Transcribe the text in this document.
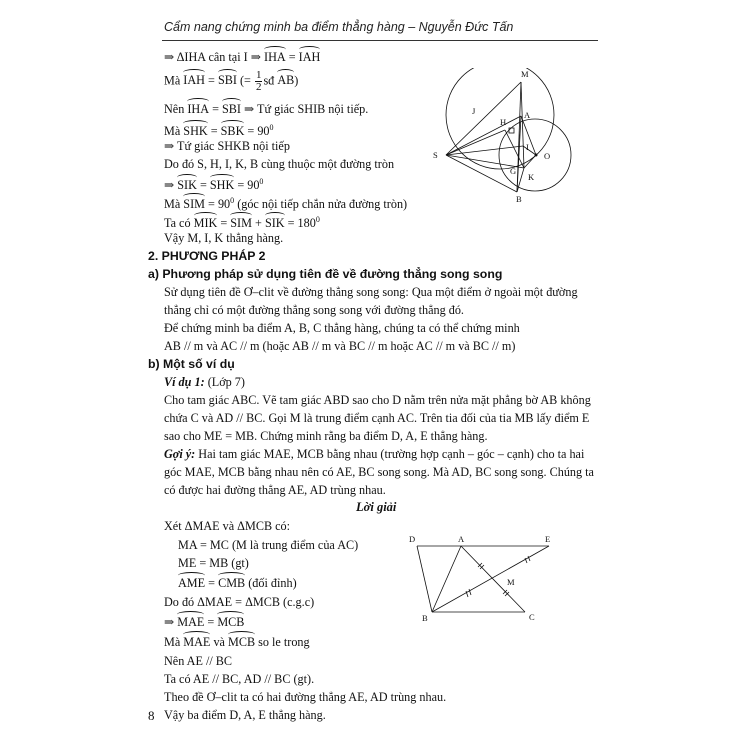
Cẩm nang chứng minh ba điểm thẳng hàng – Nguyễn Đức Tấn
⇒ ΔIHA cân tại I ⇒ IHA = IAH
Mà IAH = SBI (= $\frac{1}{2}$ sđ AB)
Nên IHA = SBI ⇒ Tứ giác SHIB nội tiếp.
Mà SHK = SBK = $90^0$
⇒ Tứ giác SHKB nội tiếp
Do đó S, H, I, K, B cùng thuộc một đường tròn
⇒ SIK = SHK = $90^0$
Mà SIM = $90^0$ (góc nội tiếp chắn nửa đường tròn)
Ta có MIK = SIM + SIK = $180^0$
Vậy M, I, K thẳng hàng.
M
J
H
A
S
I
O
G
K
B
2. PHƯƠNG PHÁP 2
a) Phương pháp sử dụng tiên đề về đường thẳng song song
Sử dụng tiên đề Ơ–clit về đường thẳng song song: Qua một điểm ở ngoài một đường
thẳng chỉ có một đường thẳng song song với đường thẳng đó.
Để chứng minh ba điểm A, B, C thẳng hàng, chúng ta có thể chứng minh
AB // m và AC // m (hoặc AB // m và BC // m hoặc AC // m và BC // m)
b) Một số ví dụ
Ví dụ 1: (Lớp 7)
Cho tam giác ABC. Vẽ tam giác ABD sao cho D nằm trên nửa mặt phẳng bờ AB không
chứa C và AD // BC. Gọi M là trung điểm cạnh AC. Trên tia đối của tia MB lấy điểm E
sao cho ME = MB. Chứng minh rằng ba điểm D, A, E thẳng hàng.
Gợi ý: Hai tam giác MAE, MCB bằng nhau (trường hợp cạnh – góc – cạnh) cho ta hai
góc MAE, MCB bằng nhau nên có AE, BC song song. Mà AD, BC song song. Chúng ta
có được hai đường thẳng AE, AD trùng nhau.
Lời giải
Xét ΔMAE và ΔMCB có:
MA = MC (M là trung điểm của AC)
ME = MB (gt)
AME = CMB (đối đỉnh)
Do đó ΔMAE = ΔMCB (c.g.c)
⇒ MAE = MCB
Mà MAE và MCB so le trong
Nên AE // BC
Ta có AE // BC, AD // BC (gt).
Theo đề Ơ–clit ta có hai đường thẳng AE, AD trùng nhau.
Vậy ba điểm D, A, E thẳng hàng.
D	A	E
M
B	C
8
